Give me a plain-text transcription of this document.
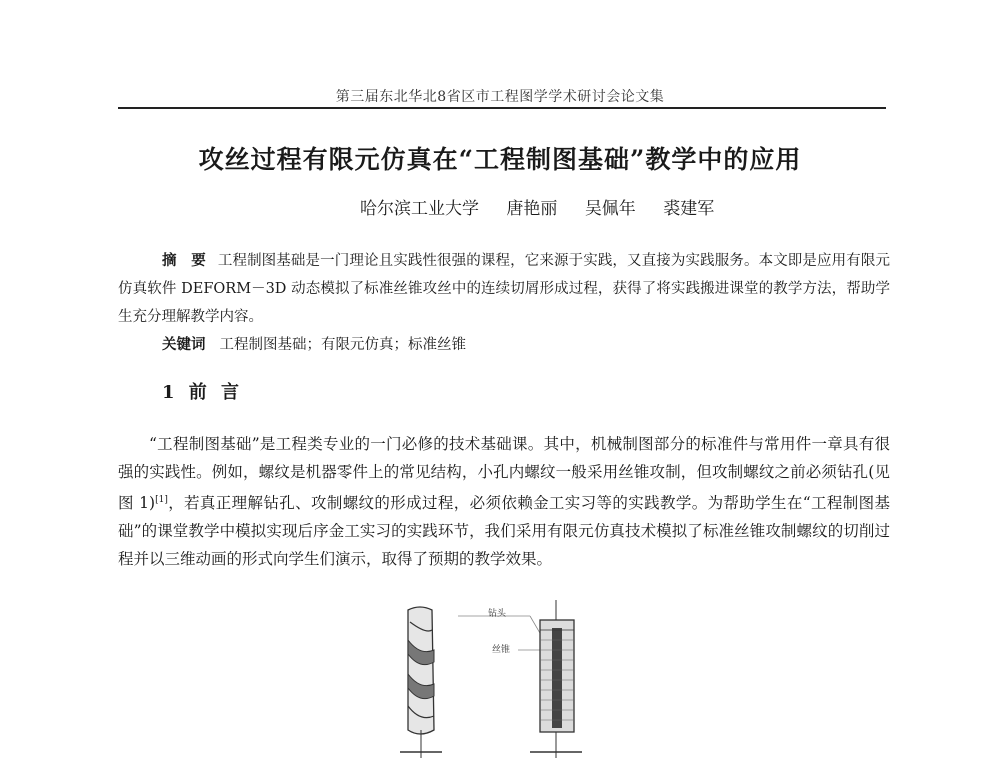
第三届东北华北8省区市工程图学学术研讨会论文集
攻丝过程有限元仿真在“工程制图基础”教学中的应用
哈尔滨工业大学 唐艳丽 吴佩年 裘建军
摘　要 工程制图基础是一门理论且实践性很强的课程，它来源于实践，又直接为实践服务。本文即是应用有限元仿真软件 DEFORM－3D 动态模拟了标准丝锥攻丝中的连续切屑形成过程，获得了将实践搬进课堂的教学方法，帮助学生充分理解教学内容。
关键词 工程制图基础；有限元仿真；标准丝锥
1 前 言
“工程制图基础”是工程类专业的一门必修的技术基础课。其中，机械制图部分的标准件与常用件一章具有很强的实践性。例如，螺纹是机器零件上的常见结构，小孔内螺纹一般采用丝锥攻制，但攻制螺纹之前必须钻孔(见图 1)[1]，若真正理解钻孔、攻制螺纹的形成过程，必须依赖金工实习等的实践教学。为帮助学生在“工程制图基础”的课堂教学中模拟实现后序金工实习的实践环节，我们采用有限元仿真技术模拟了标准丝锥攻制螺纹的切削过程并以三维动画的形式向学生们演示，取得了预期的教学效果。
钻头
丝锥
